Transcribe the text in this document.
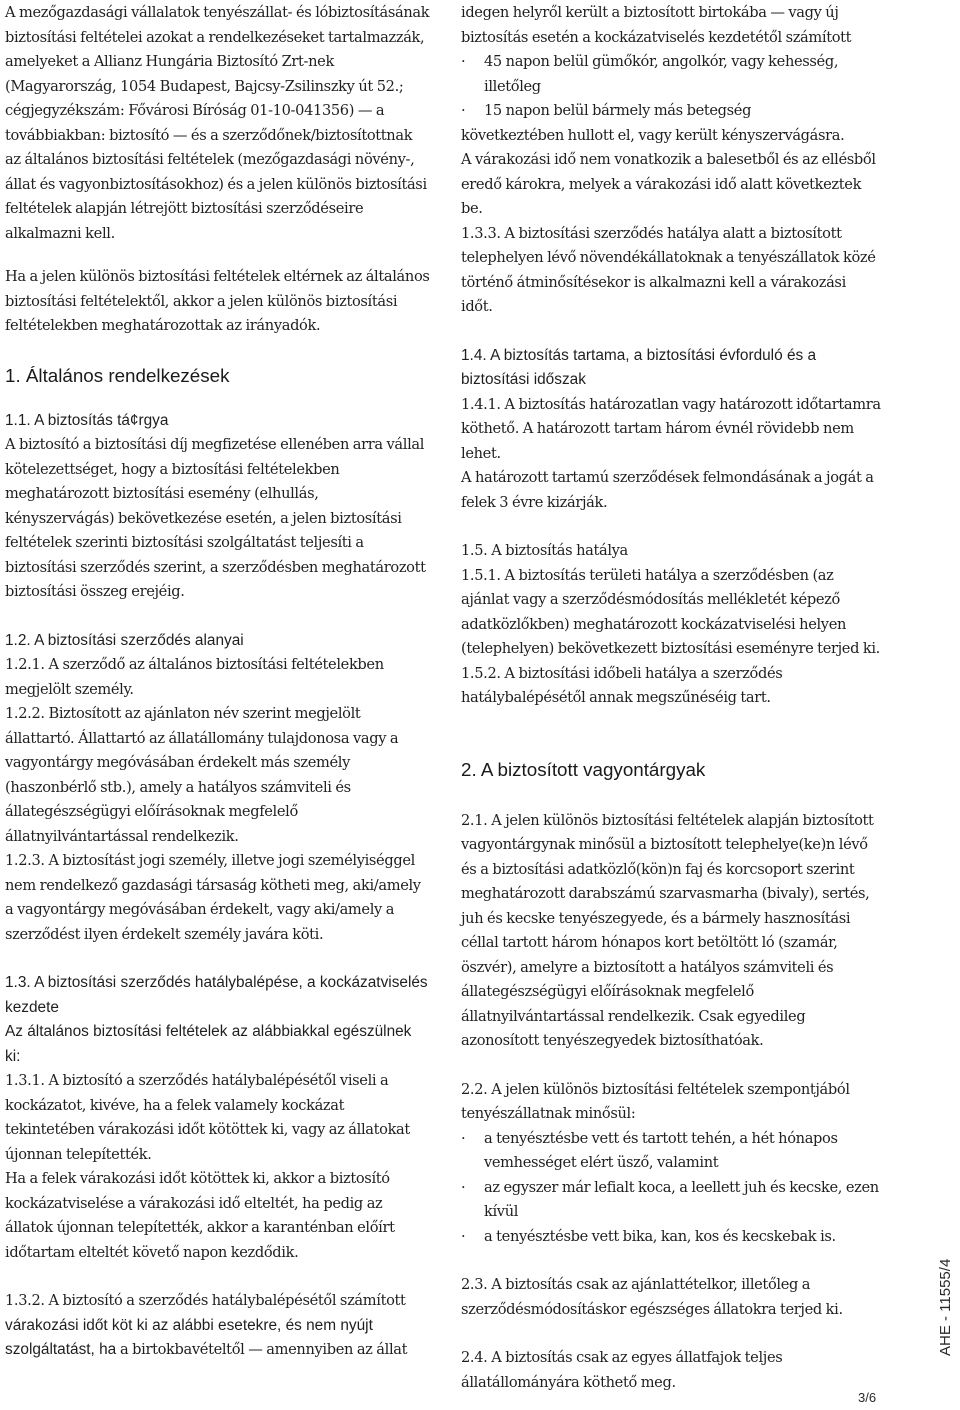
A mezőgazdasági vállalatok tenyészállat- és lóbiztosításának biztosítási feltételei azokat a rendelkezéseket tartalmazzák, amelyeket a Allianz Hungária Biztosító Zrt-nek (Magyarország, 1054 Budapest, Bajcsy-Zsilinszky út 52.; cégjegyzékszám: Fővárosi Bíróság 01-10-041356) — a továbbiakban: biztosító — és a szerződőnek/biztosítottnak az általános biztosítási feltételek (mezőgazdasági növény-, állat és vagyonbiztosításokhoz) és a jelen különös biztosítási feltételek alapján létrejött biztosítási szerződéseire alkalmazni kell.

Ha a jelen különös biztosítási feltételek eltérnek az általános biztosítási feltételektől, akkor a jelen különös biztosítási feltételekben meghatározottak az irányadók.

1. Általános rendelkezések

1.1. A biztosítás tá¢rgya

A biztosító a biztosítási díj megfizetése ellenében arra vállal kötelezettséget, hogy a biztosítási feltételekben meghatározott biztosítási esemény (elhullás, kényszervágás) bekövetkezése esetén, a jelen biztosítási feltételek szerinti biztosítási szolgáltatást teljesíti a biztosítási szerződés szerint, a szerződésben meghatározott biztosítási összeg erejéig.

1.2. A biztosítási szerződés alanyai

1.2.1. A szerződő az általános biztosítási feltételekben megjelölt személy.

1.2.2. Biztosított az ajánlaton név szerint megjelölt állattartó. Állattartó az állatállomány tulajdonosa vagy a vagyontárgy megóvásában érdekelt más személy (haszonbérlő stb.), amely a hatályos számviteli és állategészségügyi előírásoknak megfelelő állatnyilvántartással rendelkezik.

1.2.3. A biztosítást jogi személy, illetve jogi személyiséggel nem rendelkező gazdasági társaság kötheti meg, aki/amely a vagyontárgy megóvásában érdekelt, vagy aki/amely a szerződést ilyen érdekelt személy javára köti.

1.3. A biztosítási szerződés hatálybalépése, a kockázatviselés kezdete

Az általános biztosítási feltételek az alábbiakkal egészülnek ki:

1.3.1. A biztosító a szerződés hatálybalépésétől viseli a kockázatot, kivéve, ha a felek valamely kockázat tekintetében várakozási időt kötöttek ki, vagy az állatokat újonnan telepítették.

Ha a felek várakozási időt kötöttek ki, akkor a biztosító kockázatviselése a várakozási idő elteltét, ha pedig az állatok újonnan telepítették, akkor a karanténban előírt időtartam elteltét követő napon kezdődik.

1.3.2. A biztosító a szerződés hatálybalépésétől számított

várakozási időt köt ki az alábbi esetekre, és nem nyújt

szolgáltatást, ha a birtokbavételtől — amennyiben az állat

idegen helyről került a biztosított birtokába — vagy új biztosítás esetén a kockázatviselés kezdetétől számított

· 45 napon belül gümőkór, angolkór, vagy kehesség, illetőleg

· 15 napon belül bármely más betegség

következtében hullott el, vagy került kényszervágásra.

A várakozási idő nem vonatkozik a balesetből és az ellésből eredő károkra, melyek a várakozási idő alatt következtek be.

1.3.3. A biztosítási szerződés hatálya alatt a biztosított telephelyen lévő növendékállatoknak a tenyészállatok közé történő átminősítésekor is alkalmazni kell a várakozási időt.

1.4. A biztosítás tartama, a biztosítási évforduló és a biztosítási időszak

1.4.1. A biztosítás határozatlan vagy határozott időtartamra köthető. A határozott tartam három évnél rövidebb nem lehet.

A határozott tartamú szerződések felmondásának a jogát a felek 3 évre kizárják.

1.5. A biztosítás hatálya

1.5.1. A biztosítás területi hatálya a szerződésben (az ajánlat vagy a szerződésmódosítás mellékletét képező adatközlőkben) meghatározott kockázatviselési helyen (telephelyen) bekövetkezett biztosítási eseményre terjed ki.

1.5.2. A biztosítási időbeli hatálya a szerződés hatálybalépésétől annak megszűnéséig tart.

2. A biztosított vagyontárgyak

2.1. A jelen különös biztosítási feltételek alapján biztosított vagyontárgynak minősül a biztosított telephelye(ke)n lévő és a biztosítási adatközlő(kön)n faj és korcsoport szerint meghatározott darabszámú szarvasmarha (bivaly), sertés, juh és kecske tenyészegyede, és a bármely hasznosítási céllal tartott három hónapos kort betöltött ló (szamár, öszvér), amelyre a biztosított a hatályos számviteli és állategészségügyi előírásoknak megfelelő állatnyilvántartással rendelkezik. Csak egyedileg azonosított tenyészegyedek biztosíthatóak.

2.2. A jelen különös biztosítási feltételek szempontjából tenyészállatnak minősül:

· a tenyésztésbe vett és tartott tehén, a hét hónapos vemhességet elért üsző, valamint

· az egyszer már lefialt koca, a leellett juh és kecske, ezen kívül

· a tenyésztésbe vett bika, kan, kos és kecskebak is.

2.3. A biztosítás csak az ajánlattételkor, illetőleg a szerződésmódosításkor egészséges állatokra terjed ki.

2.4. A biztosítás csak az egyes állatfajok teljes állatállományára köthető meg.

AHE - 11555/4
3/6
